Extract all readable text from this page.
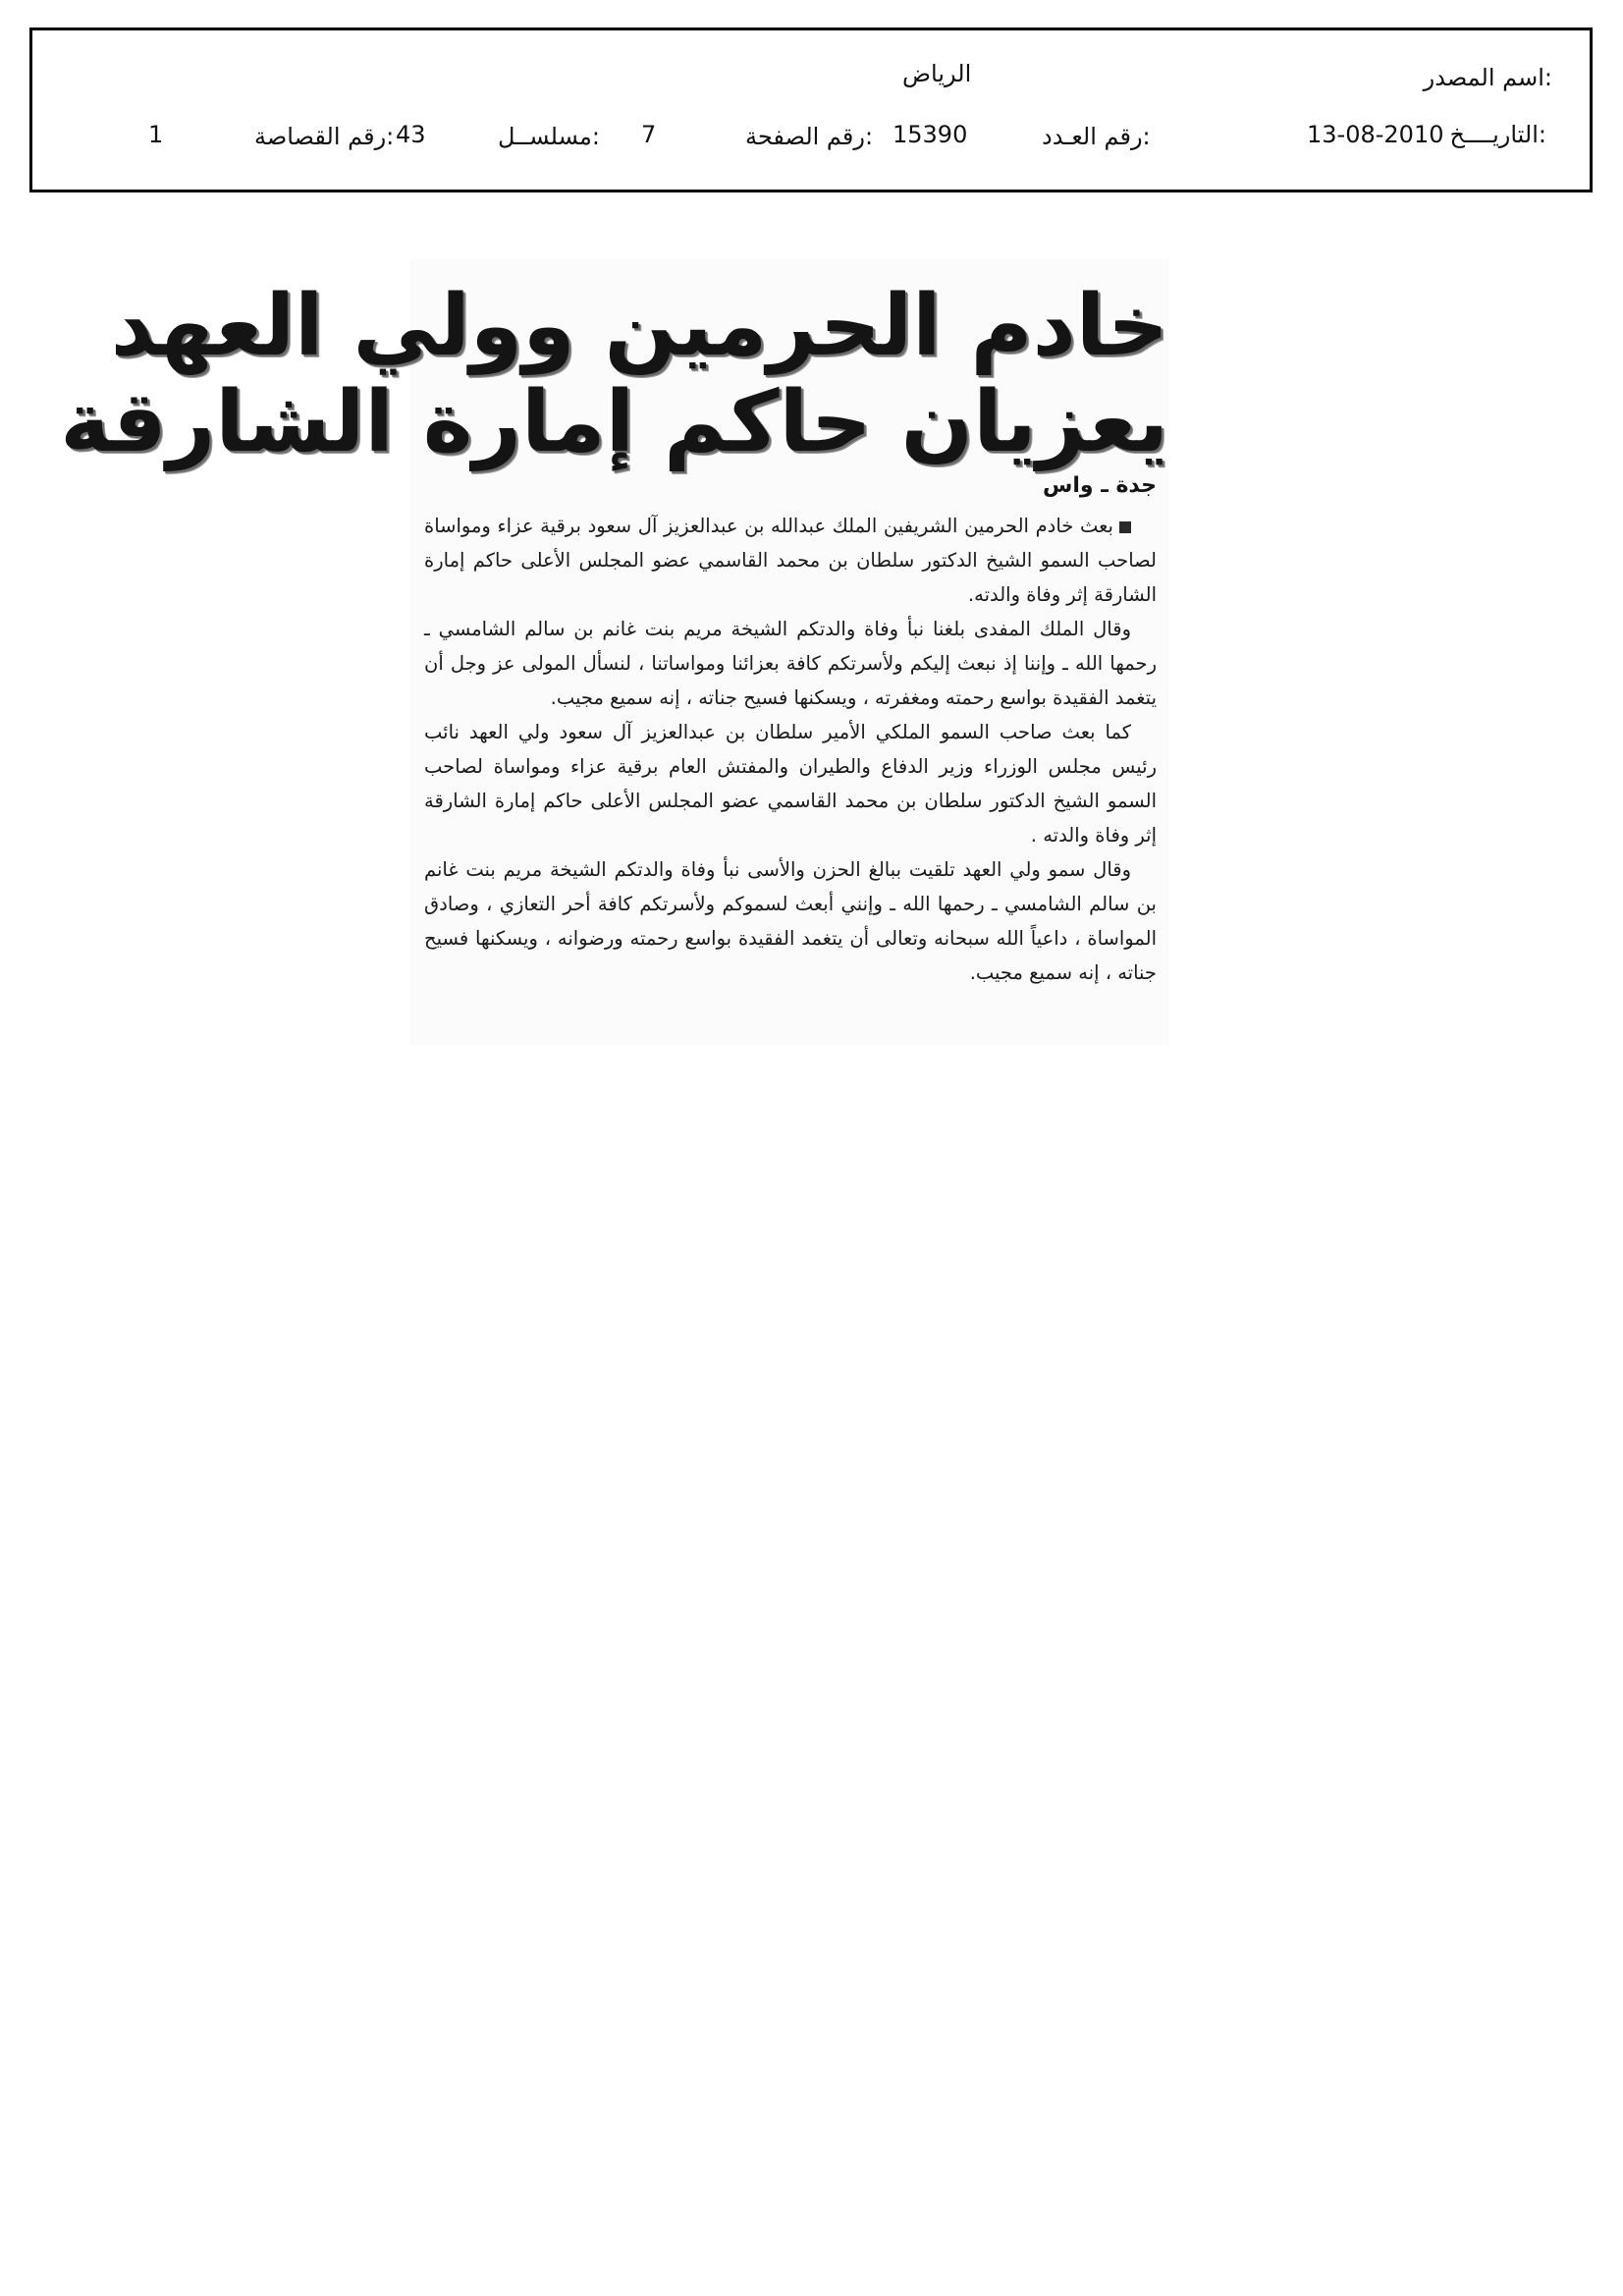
اسم المصدر:
الرياض
التاريــــخ:
13-08-2010
رقم العـدد:
15390
رقم الصفحة:
7
مسلســل:
43
رقم القصاصة:
1
خادم الحرمين وولي العهد
يعزيان حاكم إمارة الشارقة
جدة ـ واس

بعث خادم الحرمين الشريفين الملك عبدالله بن عبدالعزيز آل سعود برقية عزاء ومواساة لصاحب السمو الشيخ الدكتور سلطان بن محمد القاسمي عضو المجلس الأعلى حاكم إمارة الشارقة إثر وفاة والدته.

وقال الملك المفدى بلغنا نبأ وفاة والدتكم الشيخة مريم بنت غانم بن سالم الشامسي ـ رحمها الله ـ وإننا إذ نبعث إليكم ولأسرتكم كافة بعزائنا ومواساتنا ، لنسأل المولى عز وجل أن يتغمد الفقيدة بواسع رحمته ومغفرته ، ويسكنها فسيح جناته ، إنه سميع مجيب.

كما بعث صاحب السمو الملكي الأمير سلطان بن عبدالعزيز آل سعود ولي العهد نائب رئيس مجلس الوزراء وزير الدفاع والطيران والمفتش العام برقية عزاء ومواساة لصاحب السمو الشيخ الدكتور سلطان بن محمد القاسمي عضو المجلس الأعلى حاكم إمارة الشارقة إثر وفاة والدته .

وقال سمو ولي العهد تلقيت ببالغ الحزن والأسى نبأ وفاة والدتكم الشيخة مريم بنت غانم بن سالم الشامسي ـ رحمها الله ـ وإنني أبعث لسموكم ولأسرتكم كافة أحر التعازي ، وصادق المواساة ، داعياً الله سبحانه وتعالى أن يتغمد الفقيدة بواسع رحمته ورضوانه ، ويسكنها فسيح جناته ، إنه سميع مجيب.
